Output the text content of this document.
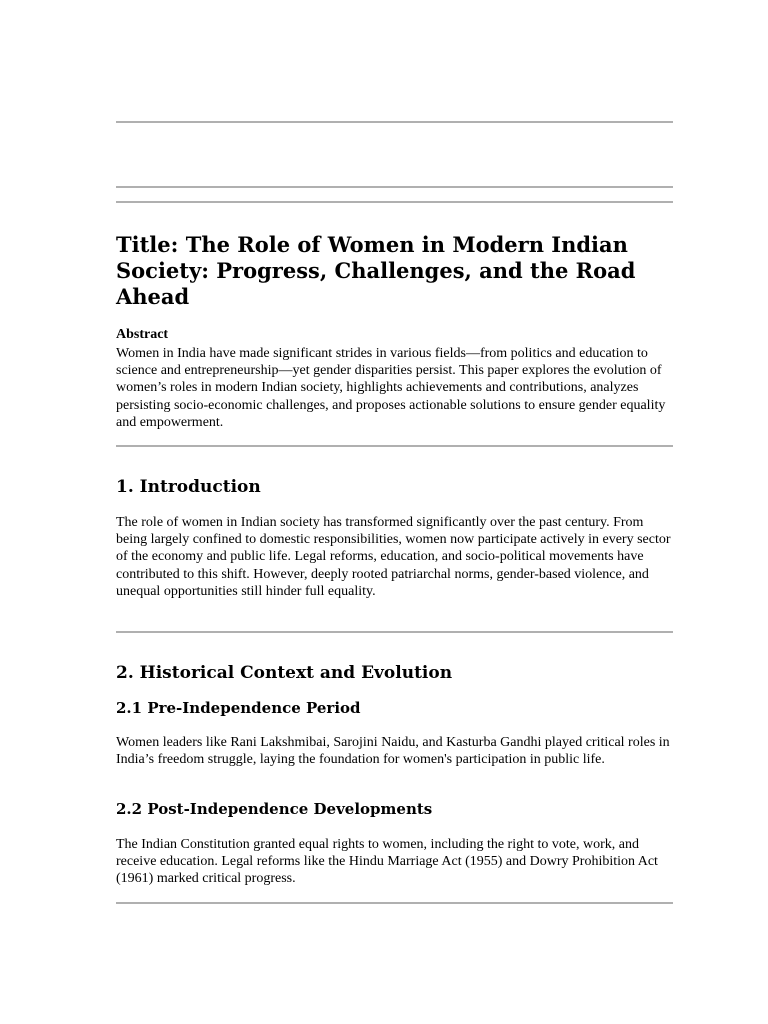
Title: The Role of Women in Modern Indian Society: Progress, Challenges, and the Road Ahead
Abstract

Women in India have made significant strides in various fields—from politics and education to science and entrepreneurship—yet gender disparities persist. This paper explores the evolution of women’s roles in modern Indian society, highlights achievements and contributions, analyzes persisting socio-economic challenges, and proposes actionable solutions to ensure gender equality and empowerment.

1. Introduction

The role of women in Indian society has transformed significantly over the past century. From being largely confined to domestic responsibilities, women now participate actively in every sector of the economy and public life. Legal reforms, education, and socio-political movements have contributed to this shift. However, deeply rooted patriarchal norms, gender-based violence, and unequal opportunities still hinder full equality.

2. Historical Context and Evolution
2.1 Pre-Independence Period

Women leaders like Rani Lakshmibai, Sarojini Naidu, and Kasturba Gandhi played critical roles in India’s freedom struggle, laying the foundation for women's participation in public life.

2.2 Post-Independence Developments

The Indian Constitution granted equal rights to women, including the right to vote, work, and receive education. Legal reforms like the Hindu Marriage Act (1955) and Dowry Prohibition Act (1961) marked critical progress.
